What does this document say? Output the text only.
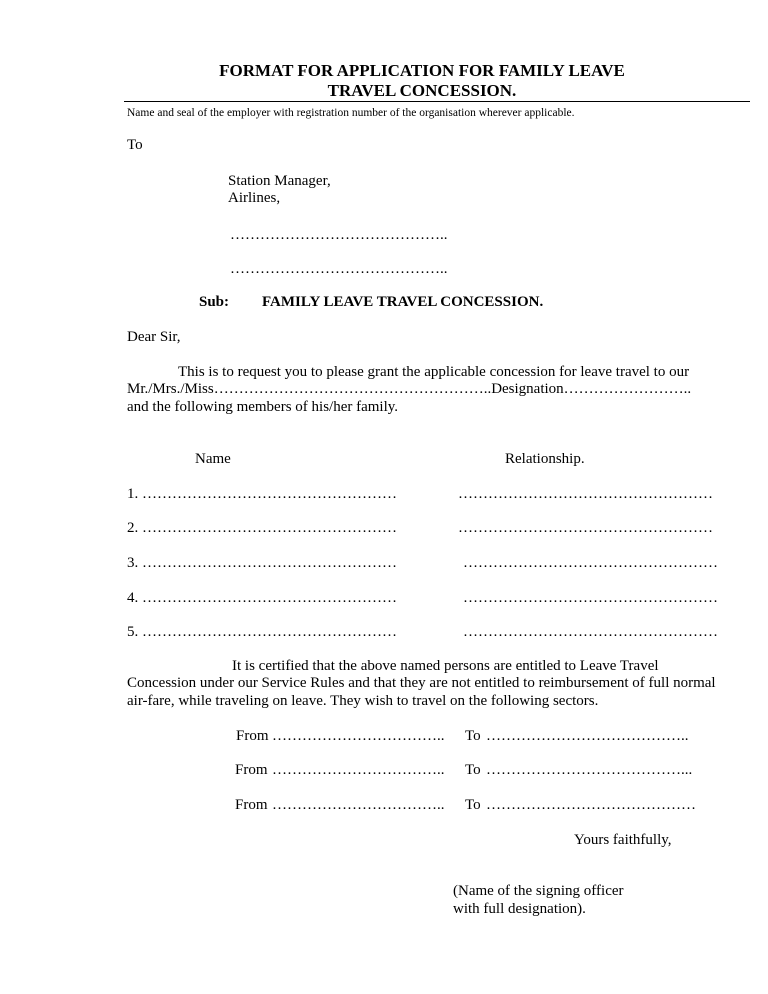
FORMAT FOR APPLICATION FOR FAMILY LEAVE
TRAVEL CONCESSION.
Name and seal of the employer with registration number of the organisation wherever applicable.
To
Station Manager,
Airlines,
……………………………………..
……………………………………..
Sub: FAMILY LEAVE TRAVEL CONCESSION.
Dear Sir,
This is to request you to please grant the applicable concession for leave travel to our
Mr./Mrs./Miss………………………………………………..Designation……………………..
and the following members of his/her family.
Name	Relationship.
1. ……………………………………………	……………………………………………
2. ……………………………………………	……………………………………………
3. ……………………………………………	……………………………………………
4. ……………………………………………	……………………………………………
5. ……………………………………………	……………………………………………
It is certified that the above named persons are entitled to Leave Travel
Concession under our Service Rules and that they are not entitled to reimbursement of full normal
air-fare, while traveling on leave. They wish to travel on the following sectors.
From …………………………….. To …………………………………..
From …………………………….. To …………………………………...
From …………………………….. To ……………………………………
Yours faithfully,
(Name of the signing officer
with full designation).
